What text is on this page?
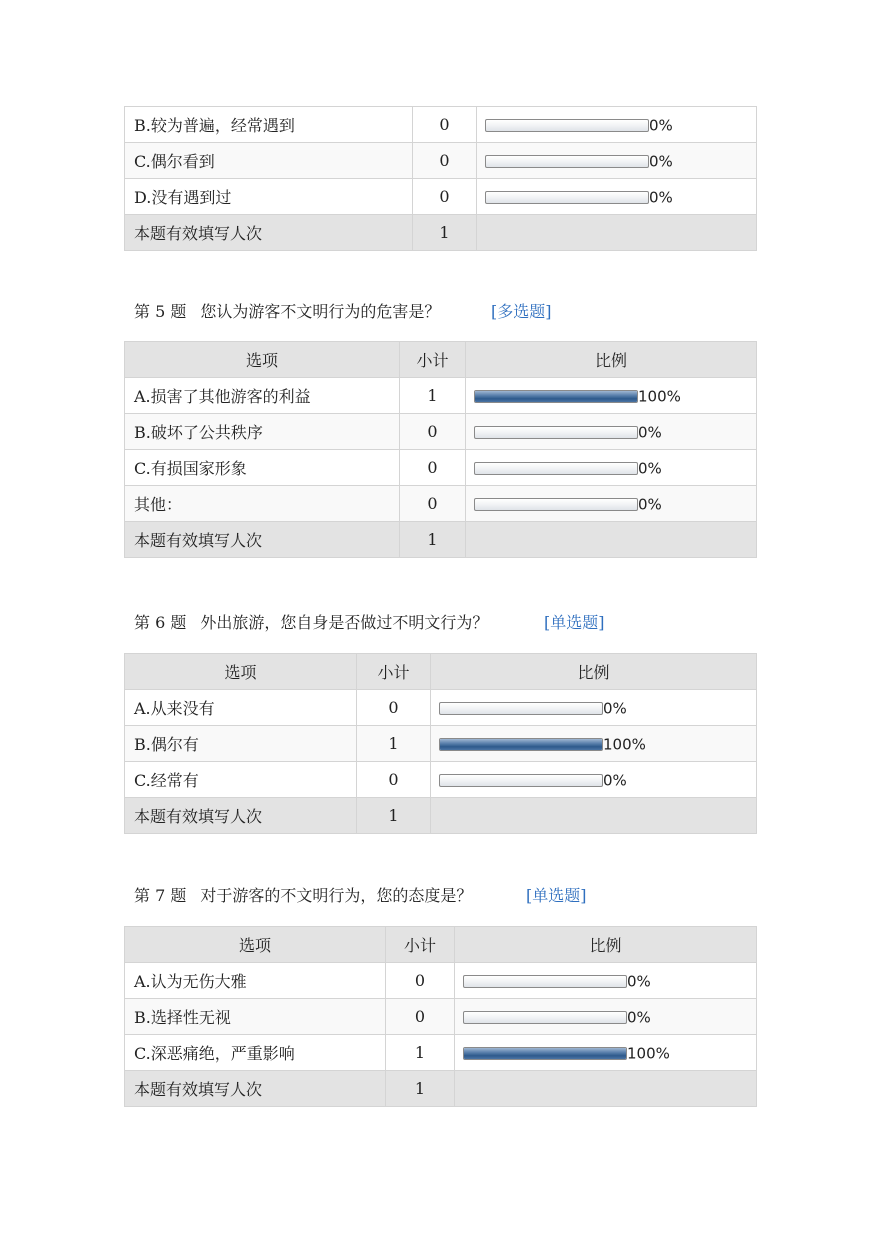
B.较为普遍，经常遇到	0	0%
C.偶尔看到	0	0%
D.没有遇到过	0	0%
本题有效填写人次	1	
第 5 题 您认为游客不文明行为的危害是？	[多选题]
选项	小计	比例
A.损害了其他游客的利益	1	100%
B.破坏了公共秩序	0	0%
C.有损国家形象	0	0%
其他：	0	0%
本题有效填写人次	1	
第 6 题 外出旅游，您自身是否做过不明文行为？	[单选题]
选项	小计	比例
A.从来没有	0	0%
B.偶尔有	1	100%
C.经常有	0	0%
本题有效填写人次	1	
第 7 题 对于游客的不文明行为，您的态度是？	[单选题]
选项	小计	比例
A.认为无伤大雅	0	0%
B.选择性无视	0	0%
C.深恶痛绝，严重影响	1	100%
本题有效填写人次	1	
